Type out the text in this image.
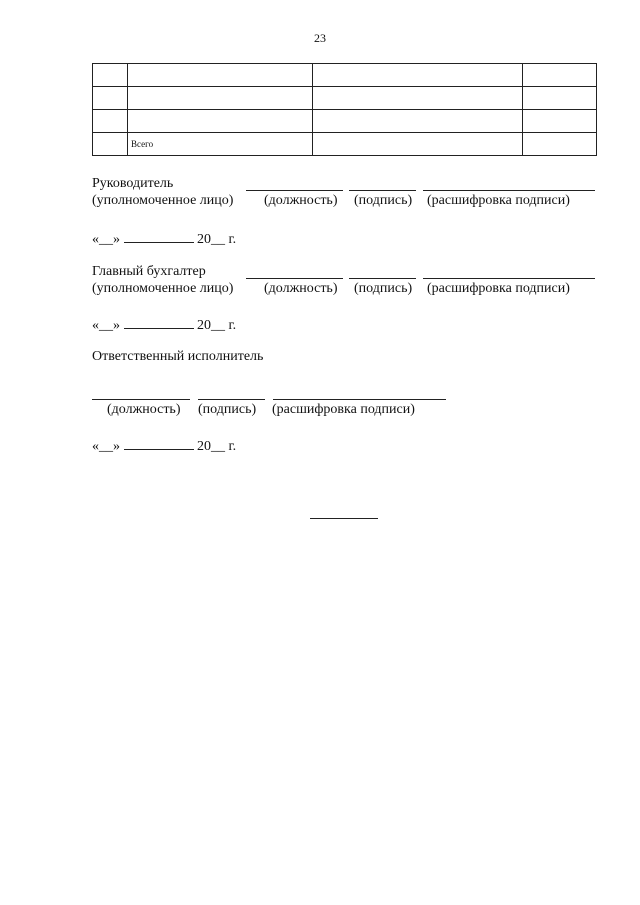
23

	Всего		
Руководитель
(уполномоченное лицо) (должность) (подпись) (расшифровка подписи)
«__»	20__ г.
Главный бухгалтер
(уполномоченное лицо) (должность) (подпись) (расшифровка подписи)
«__»	20__ г.
Ответственный исполнитель
(должность) (подпись) (расшифровка подписи)
«__»	20__ г.
